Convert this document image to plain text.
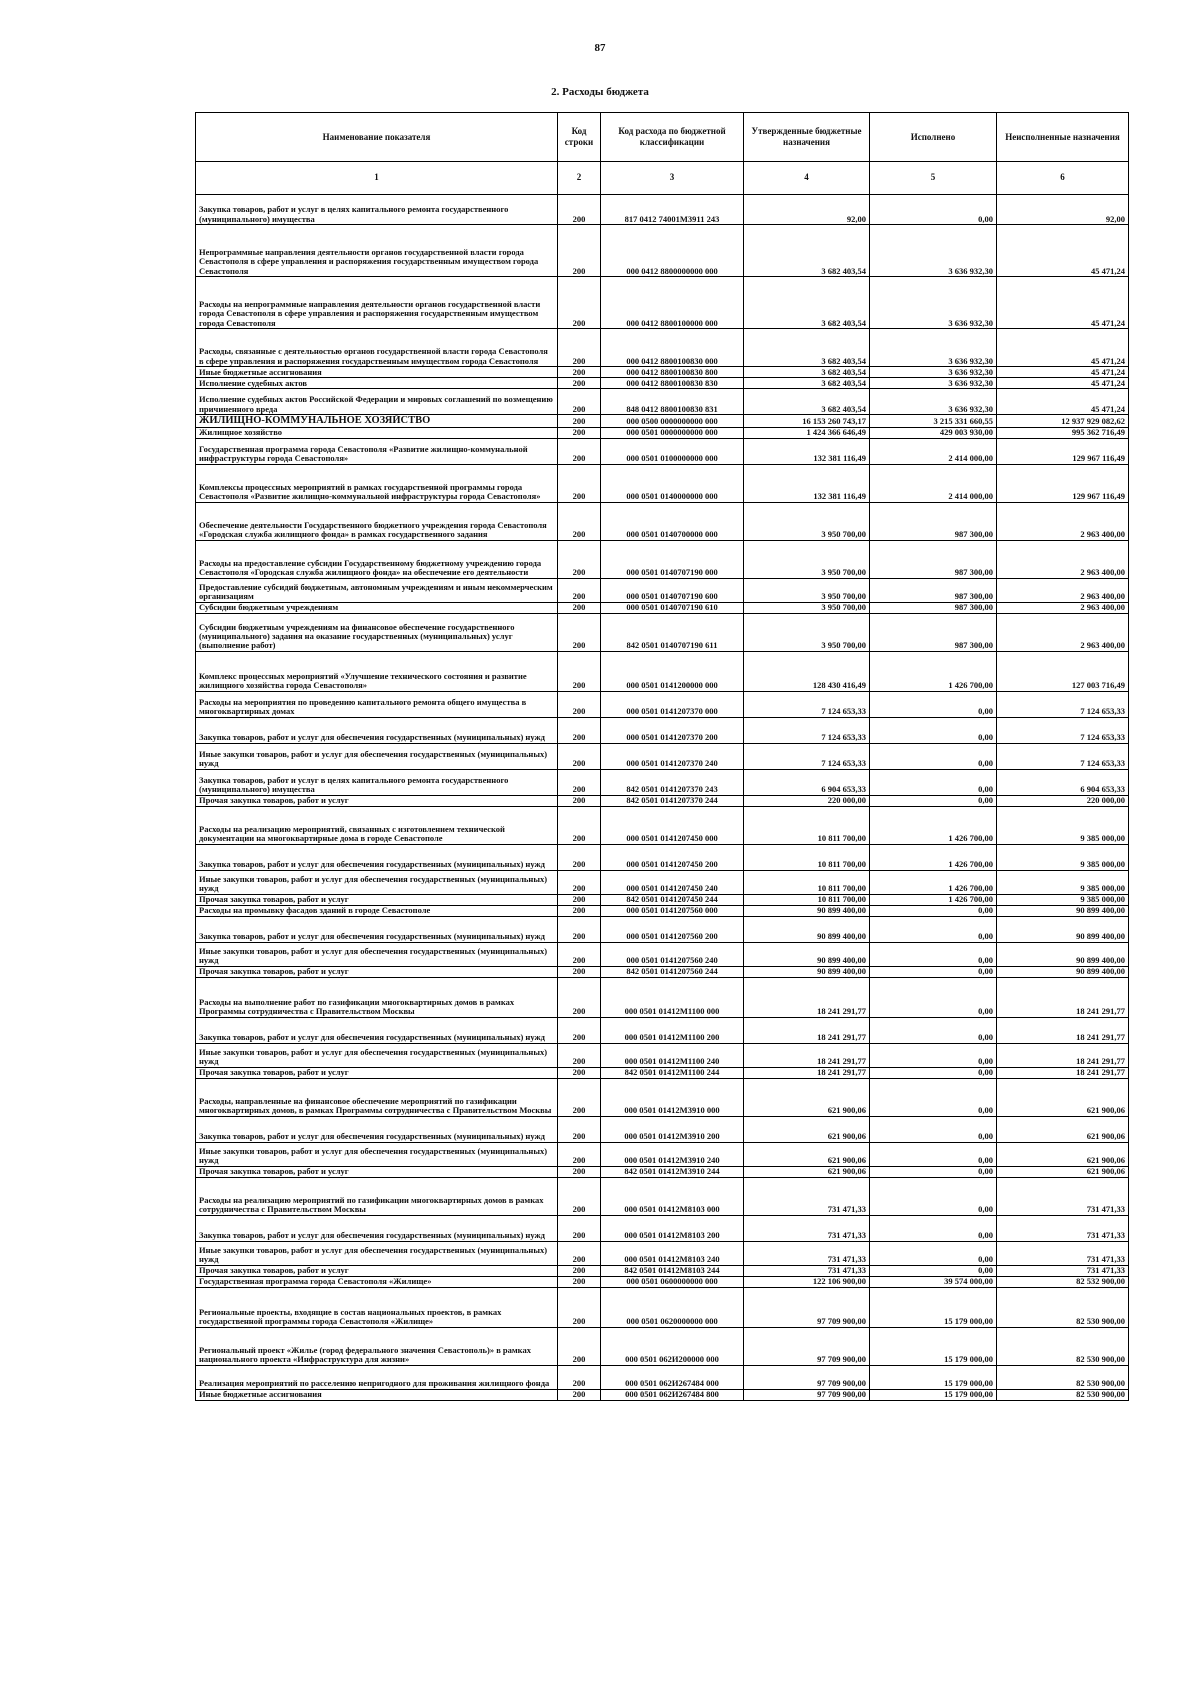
87
2. Расходы бюджета
Наименование показателя	Код строки	Код расхода по бюджетной классификации	Утвержденные бюджетные назначения	Исполнено	Неисполненные назначения
1	2	3	4	5	6
Закупка товаров, работ и услуг в целях капитального ремонта государственного (муниципального) имущества	200	817 0412 74001М3911 243	92,00	0,00	92,00
Непрограммные направления деятельности органов государственной власти города Севастополя в сфере управления и распоряжения государственным имуществом города Севастополя	200	000 0412 8800000000 000	3 682 403,54	3 636 932,30	45 471,24
Расходы на непрограммные направления деятельности органов государственной власти города Севастополя в сфере управления и распоряжения государственным имуществом города Севастополя	200	000 0412 8800100000 000	3 682 403,54	3 636 932,30	45 471,24
Расходы, связанные с деятельностью органов государственной власти города Севастополя в сфере управления и распоряжения государственным имуществом города Севастополя	200	000 0412 8800100830 000	3 682 403,54	3 636 932,30	45 471,24
Иные бюджетные ассигнования	200	000 0412 8800100830 800	3 682 403,54	3 636 932,30	45 471,24
Исполнение судебных актов	200	000 0412 8800100830 830	3 682 403,54	3 636 932,30	45 471,24
Исполнение судебных актов Российской Федерации и мировых соглашений по возмещению причиненного вреда	200	848 0412 8800100830 831	3 682 403,54	3 636 932,30	45 471,24
ЖИЛИЩНО-КОММУНАЛЬНОЕ ХОЗЯЙСТВО	200	000 0500 0000000000 000	16 153 260 743,17	3 215 331 660,55	12 937 929 082,62
Жилищное хозяйство	200	000 0501 0000000000 000	1 424 366 646,49	429 003 930,00	995 362 716,49
Государственная программа города Севастополя «Развитие жилищно-коммунальной инфраструктуры города Севастополя»	200	000 0501 0100000000 000	132 381 116,49	2 414 000,00	129 967 116,49
Комплексы процессных мероприятий в рамках государственной программы города Севастополя «Развитие жилищно-коммунальной инфраструктуры города Севастополя»	200	000 0501 0140000000 000	132 381 116,49	2 414 000,00	129 967 116,49
Обеспечение деятельности Государственного бюджетного учреждения города Севастополя «Городская служба жилищного фонда» в рамках государственного задания	200	000 0501 0140700000 000	3 950 700,00	987 300,00	2 963 400,00
Расходы на предоставление субсидии Государственному бюджетному учреждению города Севастополя «Городская служба жилищного фонда» на обеспечение его деятельности	200	000 0501 0140707190 000	3 950 700,00	987 300,00	2 963 400,00
Предоставление субсидий бюджетным, автономным учреждениям и иным некоммерческим организациям	200	000 0501 0140707190 600	3 950 700,00	987 300,00	2 963 400,00
Субсидии бюджетным учреждениям	200	000 0501 0140707190 610	3 950 700,00	987 300,00	2 963 400,00
Субсидии бюджетным учреждениям на финансовое обеспечение государственного (муниципального) задания на оказание государственных (муниципальных) услуг (выполнение работ)	200	842 0501 0140707190 611	3 950 700,00	987 300,00	2 963 400,00
Комплекс процессных мероприятий «Улучшение технического состояния и развитие жилищного хозяйства города Севастополя»	200	000 0501 0141200000 000	128 430 416,49	1 426 700,00	127 003 716,49
Расходы на мероприятия по проведению капитального ремонта общего имущества в многоквартирных домах	200	000 0501 0141207370 000	7 124 653,33	0,00	7 124 653,33
Закупка товаров, работ и услуг для обеспечения государственных (муниципальных) нужд	200	000 0501 0141207370 200	7 124 653,33	0,00	7 124 653,33
Иные закупки товаров, работ и услуг для обеспечения государственных (муниципальных) нужд	200	000 0501 0141207370 240	7 124 653,33	0,00	7 124 653,33
Закупка товаров, работ и услуг в целях капитального ремонта государственного (муниципального) имущества	200	842 0501 0141207370 243	6 904 653,33	0,00	6 904 653,33
Прочая закупка товаров, работ и услуг	200	842 0501 0141207370 244	220 000,00	0,00	220 000,00
Расходы на реализацию мероприятий, связанных с изготовлением технической документации на многоквартирные дома в городе Севастополе	200	000 0501 0141207450 000	10 811 700,00	1 426 700,00	9 385 000,00
Закупка товаров, работ и услуг для обеспечения государственных (муниципальных) нужд	200	000 0501 0141207450 200	10 811 700,00	1 426 700,00	9 385 000,00
Иные закупки товаров, работ и услуг для обеспечения государственных (муниципальных) нужд	200	000 0501 0141207450 240	10 811 700,00	1 426 700,00	9 385 000,00
Прочая закупка товаров, работ и услуг	200	842 0501 0141207450 244	10 811 700,00	1 426 700,00	9 385 000,00
Расходы на промывку фасадов зданий в городе Севастополе	200	000 0501 0141207560 000	90 899 400,00	0,00	90 899 400,00
Закупка товаров, работ и услуг для обеспечения государственных (муниципальных) нужд	200	000 0501 0141207560 200	90 899 400,00	0,00	90 899 400,00
Иные закупки товаров, работ и услуг для обеспечения государственных (муниципальных) нужд	200	000 0501 0141207560 240	90 899 400,00	0,00	90 899 400,00
Прочая закупка товаров, работ и услуг	200	842 0501 0141207560 244	90 899 400,00	0,00	90 899 400,00
Расходы на выполнение работ по газификации многоквартирных домов в рамках Программы сотрудничества с Правительством Москвы	200	000 0501 01412М1100 000	18 241 291,77	0,00	18 241 291,77
Закупка товаров, работ и услуг для обеспечения государственных (муниципальных) нужд	200	000 0501 01412М1100 200	18 241 291,77	0,00	18 241 291,77
Иные закупки товаров, работ и услуг для обеспечения государственных (муниципальных) нужд	200	000 0501 01412М1100 240	18 241 291,77	0,00	18 241 291,77
Прочая закупка товаров, работ и услуг	200	842 0501 01412М1100 244	18 241 291,77	0,00	18 241 291,77
Расходы, направленные на финансовое обеспечение мероприятий по газификации многоквартирных домов, в рамках Программы сотрудничества с Правительством Москвы	200	000 0501 01412М3910 000	621 900,06	0,00	621 900,06
Закупка товаров, работ и услуг для обеспечения государственных (муниципальных) нужд	200	000 0501 01412М3910 200	621 900,06	0,00	621 900,06
Иные закупки товаров, работ и услуг для обеспечения государственных (муниципальных) нужд	200	000 0501 01412М3910 240	621 900,06	0,00	621 900,06
Прочая закупка товаров, работ и услуг	200	842 0501 01412М3910 244	621 900,06	0,00	621 900,06
Расходы на реализацию мероприятий по газификации многоквартирных домов в рамках сотрудничества с Правительством Москвы	200	000 0501 01412М8103 000	731 471,33	0,00	731 471,33
Закупка товаров, работ и услуг для обеспечения государственных (муниципальных) нужд	200	000 0501 01412М8103 200	731 471,33	0,00	731 471,33
Иные закупки товаров, работ и услуг для обеспечения государственных (муниципальных) нужд	200	000 0501 01412М8103 240	731 471,33	0,00	731 471,33
Прочая закупка товаров, работ и услуг	200	842 0501 01412М8103 244	731 471,33	0,00	731 471,33
Государственная программа города Севастополя «Жилище»	200	000 0501 0600000000 000	122 106 900,00	39 574 000,00	82 532 900,00
Региональные проекты, входящие в состав национальных проектов, в рамках государственной программы города Севастополя «Жилище»	200	000 0501 0620000000 000	97 709 900,00	15 179 000,00	82 530 900,00
Региональный проект «Жилье (город федерального значения Севастополь)» в рамках национального проекта «Инфраструктура для жизни»	200	000 0501 062И200000 000	97 709 900,00	15 179 000,00	82 530 900,00
Реализация мероприятий по расселению непригодного для проживания жилищного фонда	200	000 0501 062И267484 000	97 709 900,00	15 179 000,00	82 530 900,00
Иные бюджетные ассигнования	200	000 0501 062И267484 800	97 709 900,00	15 179 000,00	82 530 900,00
